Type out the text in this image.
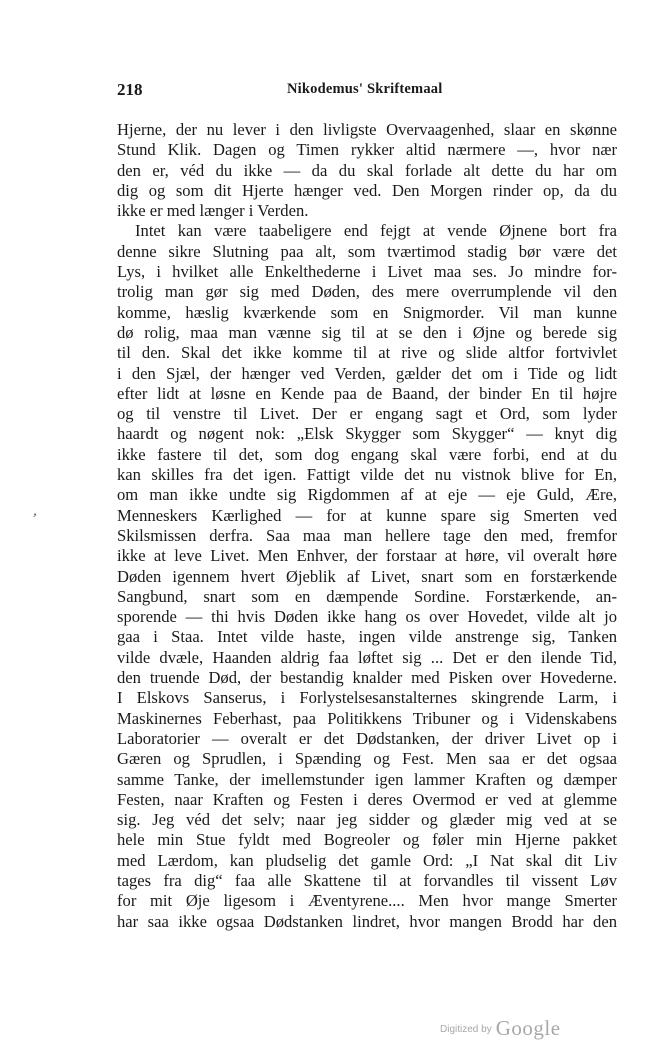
218	Nikodemus' Skriftemaal
Hjerne, der nu lever i den livligste Overvaagenhed, slaar en skønne
Stund Klik. Dagen og Timen rykker altid nærmere —, hvor nær
den er, véd du ikke — da du skal forlade alt dette du har om
dig og som dit Hjerte hænger ved. Den Morgen rinder op, da du
ikke er med længer i Verden.
Intet kan være taabeligere end fejgt at vende Øjnene bort fra
denne sikre Slutning paa alt, som tværtimod stadig bør være det
Lys, i hvilket alle Enkelthederne i Livet maa ses. Jo mindre for-
trolig man gør sig med Døden, des mere overrumplende vil den
komme, hæslig kværkende som en Snigmorder. Vil man kunne
dø rolig, maa man vænne sig til at se den i Øjne og berede sig
til den. Skal det ikke komme til at rive og slide altfor fortvivlet
i den Sjæl, der hænger ved Verden, gælder det om i Tide og lidt
efter lidt at løsne en Kende paa de Baand, der binder En til højre
og til venstre til Livet. Der er engang sagt et Ord, som lyder
haardt og nøgent nok: „Elsk Skygger som Skygger“ — knyt dig
ikke fastere til det, som dog engang skal være forbi, end at du
kan skilles fra det igen. Fattigt vilde det nu vistnok blive for En,
om man ikke undte sig Rigdommen af at eje — eje Guld, Ære,
Menneskers Kærlighed — for at kunne spare sig Smerten ved
Skilsmissen derfra. Saa maa man hellere tage den med, fremfor
ikke at leve Livet. Men Enhver, der forstaar at høre, vil overalt høre
Døden igennem hvert Øjeblik af Livet, snart som en forstærkende
Sangbund, snart som en dæmpende Sordine. Forstærkende, an-
sporende — thi hvis Døden ikke hang os over Hovedet, vilde alt jo
gaa i Staa. Intet vilde haste, ingen vilde anstrenge sig, Tanken
vilde dvæle, Haanden aldrig faa løftet sig ... Det er den ilende Tid,
den truende Død, der bestandig knalder med Pisken over Hovederne.
I Elskovs Sanserus, i Forlystelsesanstalternes skingrende Larm, i
Maskinernes Feberhast, paa Politikkens Tribuner og i Videnskabens
Laboratorier — overalt er det Dødstanken, der driver Livet op i
Gæren og Sprudlen, i Spænding og Fest. Men saa er det ogsaa
samme Tanke, der imellemstunder igen lammer Kraften og dæmper
Festen, naar Kraften og Festen i deres Overmod er ved at glemme
sig. Jeg véd det selv; naar jeg sidder og glæder mig ved at se
hele min Stue fyldt med Bogreoler og føler min Hjerne pakket
med Lærdom, kan pludselig det gamle Ord: „I Nat skal dit Liv
tages fra dig“ faa alle Skattene til at forvandles til vissent Løv
for mit Øje ligesom i Æventyrene.... Men hvor mange Smerter
har saa ikke ogsaa Dødstanken lindret, hvor mangen Brodd har den
,
Digitized by Google
